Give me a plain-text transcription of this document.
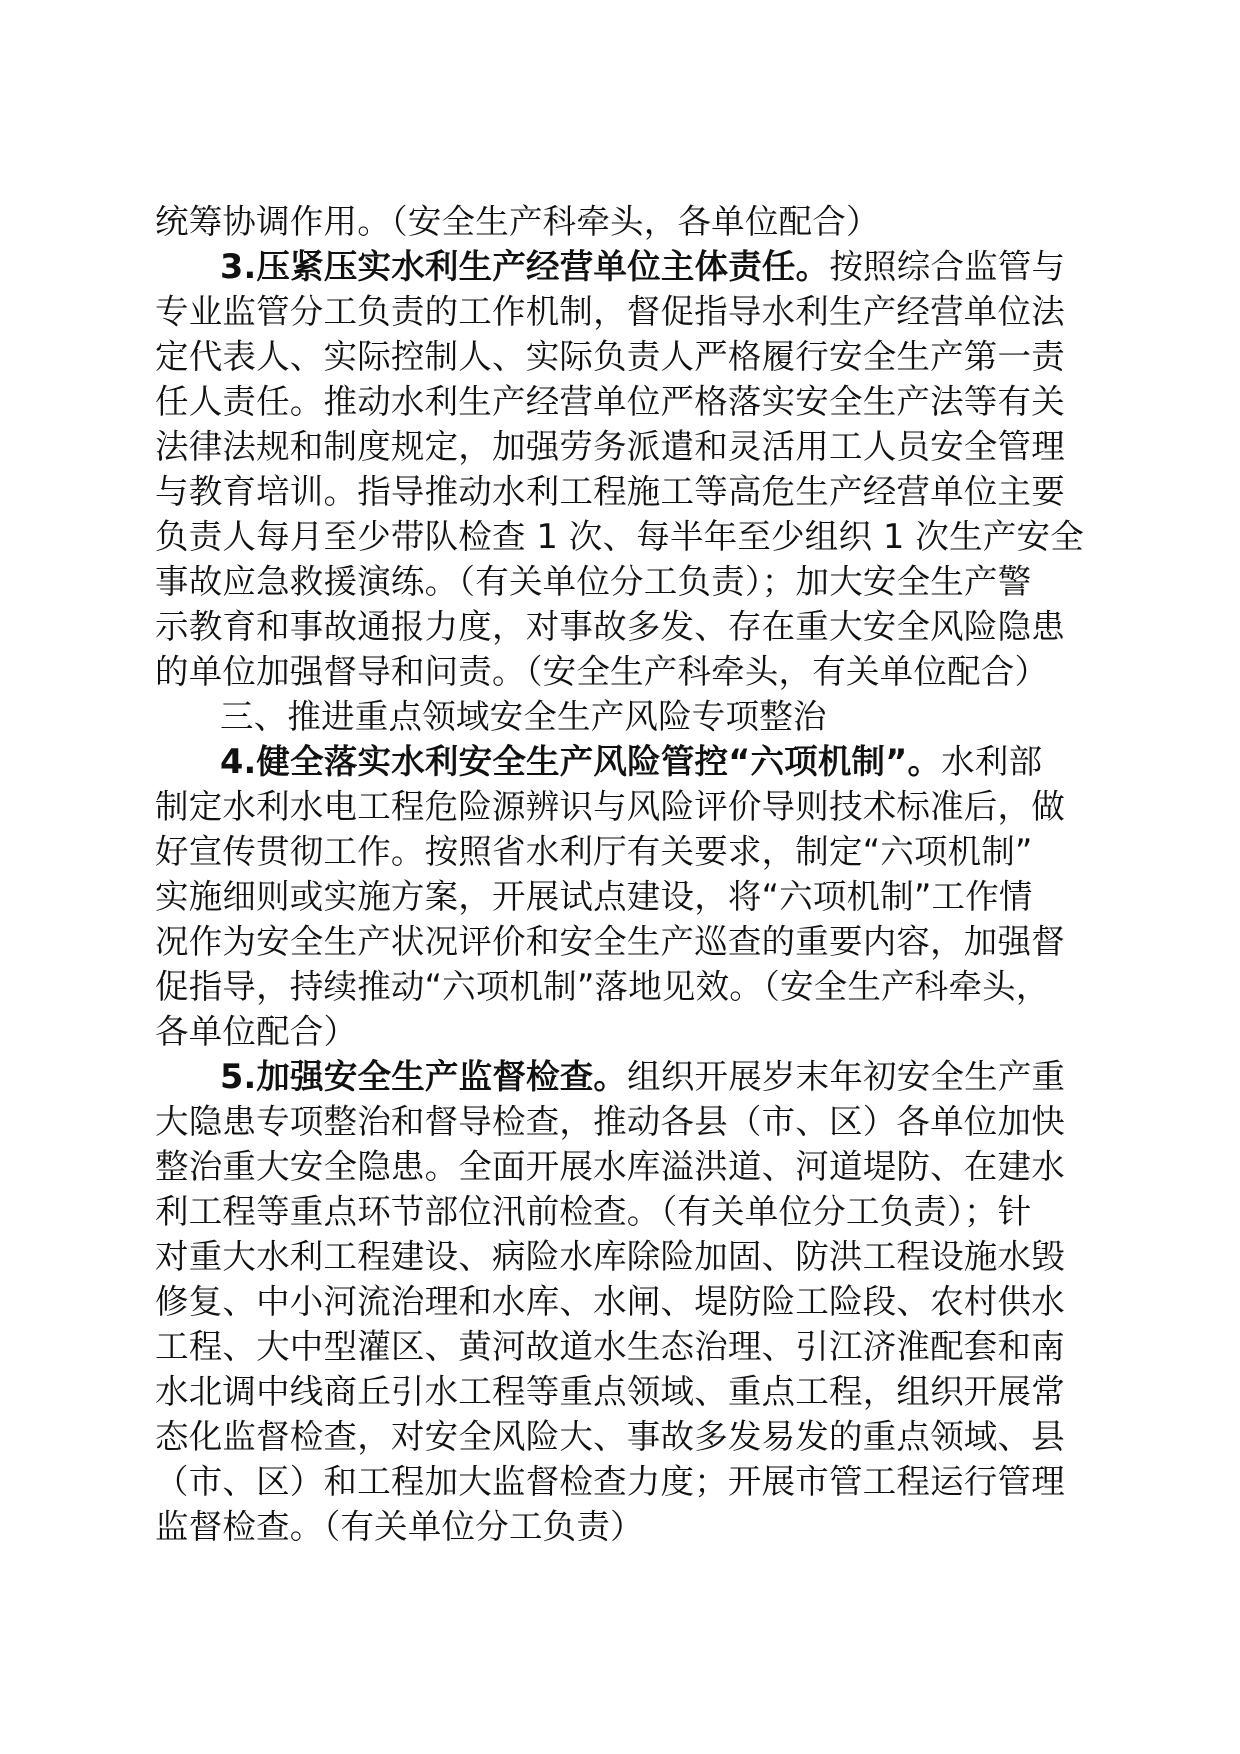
统筹协调作用。（安全生产科牵头，各单位配合）
3.压紧压实水利生产经营单位主体责任。按照综合监管与
专业监管分工负责的工作机制，督促指导水利生产经营单位法
定代表人、实际控制人、实际负责人严格履行安全生产第一责
任人责任。推动水利生产经营单位严格落实安全生产法等有关
法律法规和制度规定，加强劳务派遣和灵活用工人员安全管理
与教育培训。指导推动水利工程施工等高危生产经营单位主要
负责人每月至少带队检查 1 次、每半年至少组织 1 次生产安全
事故应急救援演练。（有关单位分工负责）；加大安全生产警
示教育和事故通报力度，对事故多发、存在重大安全风险隐患
的单位加强督导和问责。（安全生产科牵头，有关单位配合）
三、推进重点领域安全生产风险专项整治
4.健全落实水利安全生产风险管控“六项机制”。水利部
制定水利水电工程危险源辨识与风险评价导则技术标准后，做
好宣传贯彻工作。按照省水利厅有关要求，制定“六项机制”
实施细则或实施方案，开展试点建设，将“六项机制”工作情
况作为安全生产状况评价和安全生产巡查的重要内容，加强督
促指导，持续推动“六项机制”落地见效。（安全生产科牵头，
各单位配合）
5.加强安全生产监督检查。组织开展岁末年初安全生产重
大隐患专项整治和督导检查，推动各县（市、区）各单位加快
整治重大安全隐患。全面开展水库溢洪道、河道堤防、在建水
利工程等重点环节部位汛前检查。（有关单位分工负责）；针
对重大水利工程建设、病险水库除险加固、防洪工程设施水毁
修复、中小河流治理和水库、水闸、堤防险工险段、农村供水
工程、大中型灌区、黄河故道水生态治理、引江济淮配套和南
水北调中线商丘引水工程等重点领域、重点工程，组织开展常
态化监督检查，对安全风险大、事故多发易发的重点领域、县
（市、区）和工程加大监督检查力度；开展市管工程运行管理
监督检查。（有关单位分工负责）
